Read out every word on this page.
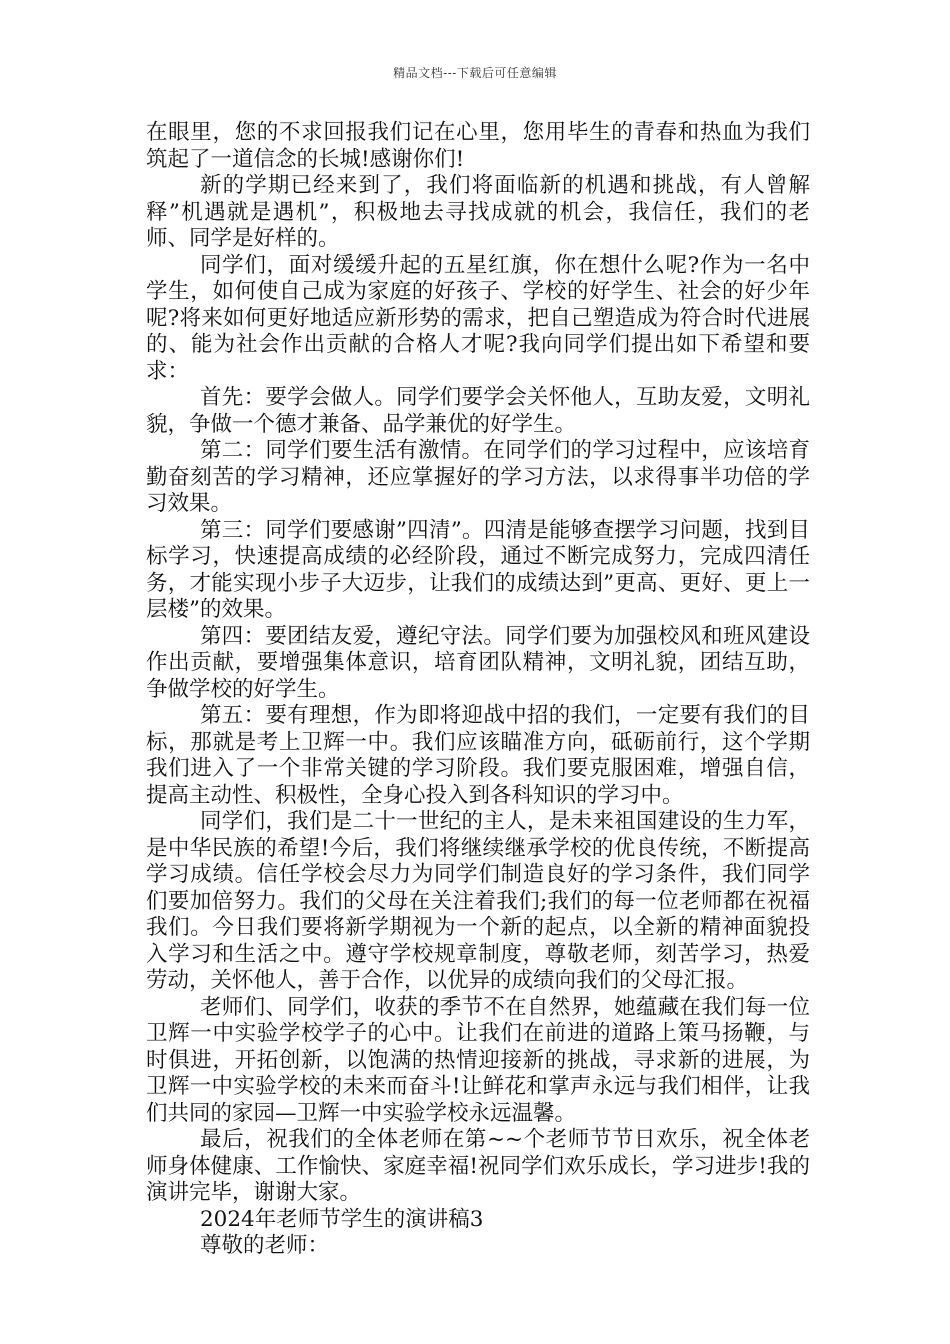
精品文档---下载后可任意编辑

在眼里，您的不求回报我们记在心里，您用毕生的青春和热血为我们筑起了一道信念的长城!感谢你们!

新的学期已经来到了，我们将面临新的机遇和挑战，有人曾解释”机遇就是遇机”，积极地去寻找成就的机会，我信任，我们的老师、同学是好样的。

同学们，面对缓缓升起的五星红旗，你在想什么呢?作为一名中学生，如何使自己成为家庭的好孩子、学校的好学生、社会的好少年呢?将来如何更好地适应新形势的需求，把自己塑造成为符合时代进展的、能为社会作出贡献的合格人才呢?我向同学们提出如下希望和要求：

首先：要学会做人。同学们要学会关怀他人，互助友爱，文明礼貌，争做一个德才兼备、品学兼优的好学生。

第二：同学们要生活有激情。在同学们的学习过程中，应该培育勤奋刻苦的学习精神，还应掌握好的学习方法，以求得事半功倍的学习效果。

第三：同学们要感谢”四清”。四清是能够查摆学习问题，找到目标学习，快速提高成绩的必经阶段，通过不断完成努力，完成四清任务，才能实现小步子大迈步，让我们的成绩达到”更高、更好、更上一层楼”的效果。

第四：要团结友爱，遵纪守法。同学们要为加强校风和班风建设作出贡献，要增强集体意识，培育团队精神，文明礼貌，团结互助，争做学校的好学生。

第五：要有理想，作为即将迎战中招的我们，一定要有我们的目标，那就是考上卫辉一中。我们应该瞄准方向，砥砺前行，这个学期我们进入了一个非常关键的学习阶段。我们要克服困难，增强自信，提高主动性、积极性，全身心投入到各科知识的学习中。

同学们，我们是二十一世纪的主人，是未来祖国建设的生力军，是中华民族的希望!今后，我们将继续继承学校的优良传统，不断提高学习成绩。信任学校会尽力为同学们制造良好的学习条件，我们同学们要加倍努力。我们的父母在关注着我们;我们的每一位老师都在祝福我们。今日我们要将新学期视为一个新的起点，以全新的精神面貌投入学习和生活之中。遵守学校规章制度，尊敬老师，刻苦学习，热爱劳动，关怀他人，善于合作，以优异的成绩向我们的父母汇报。

老师们、同学们，收获的季节不在自然界，她蕴藏在我们每一位卫辉一中实验学校学子的心中。让我们在前进的道路上策马扬鞭，与时俱进，开拓创新，以饱满的热情迎接新的挑战，寻求新的进展，为卫辉一中实验学校的未来而奋斗!让鲜花和掌声永远与我们相伴，让我们共同的家园—卫辉一中实验学校永远温馨。

最后，祝我们的全体老师在第~~个老师节节日欢乐，祝全体老师身体健康、工作愉快、家庭幸福!祝同学们欢乐成长，学习进步!我的演讲完毕，谢谢大家。

2024年老师节学生的演讲稿3

尊敬的老师：
